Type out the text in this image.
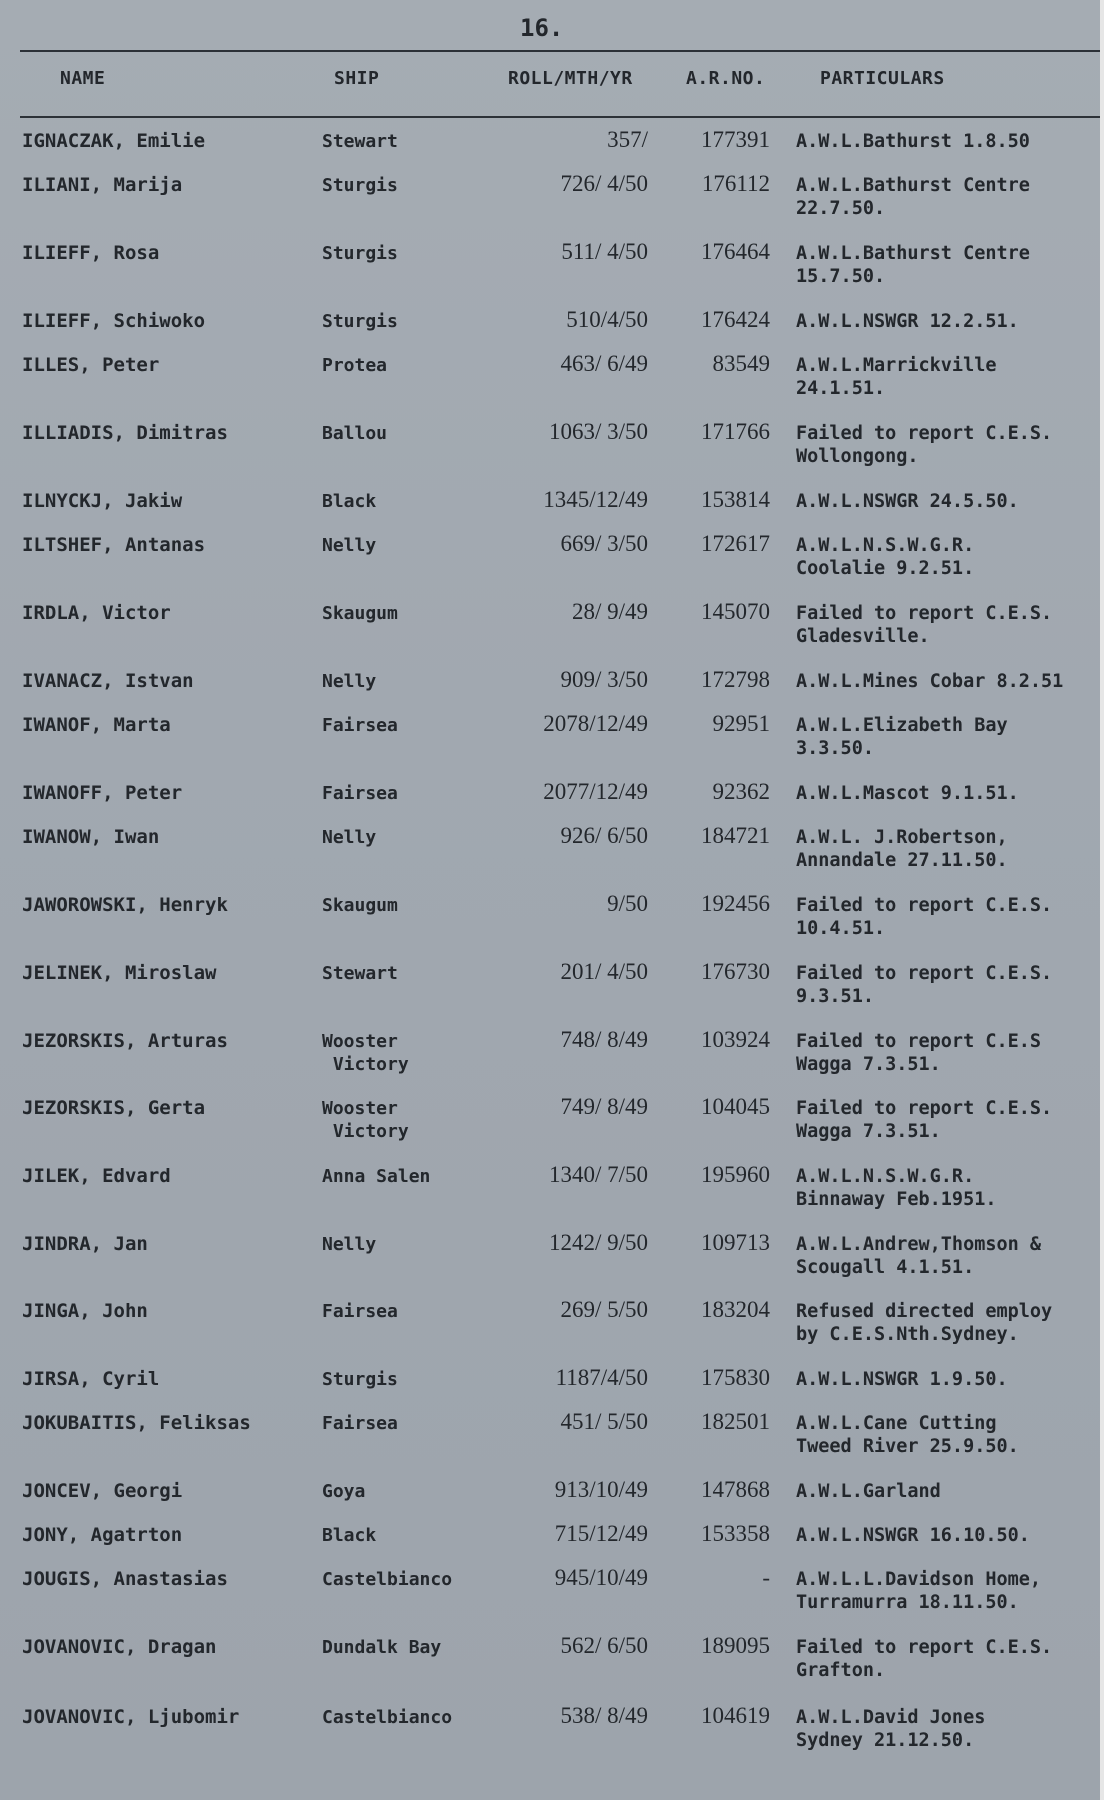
16.
NAME	SHIP	ROLL/MTH/YR	A.R.NO.	PARTICULARS
IGNACZAK, Emilie	Stewart	357/	177391 A.W.L.Bathurst 1.8.50
ILIANI, Marija	Sturgis	726/ 4/50	176112 A.W.L.Bathurst Centre
22.7.50.
ILIEFF, Rosa	Sturgis	511/ 4/50	176464 A.W.L.Bathurst Centre
15.7.50.
ILIEFF, Schiwoko	Sturgis	510/4/50	176424 A.W.L.NSWGR 12.2.51.
ILLES, Peter	Protea	463/ 6/49	83549 A.W.L.Marrickville
24.1.51.
ILLIADIS, Dimitras	Ballou	1063/ 3/50	171766 Failed to report C.E.S.
Wollongong.
ILNYCKJ, Jakiw	Black	1345/12/49	153814 A.W.L.NSWGR 24.5.50.
ILTSHEF, Antanas	Nelly	669/ 3/50	172617 A.W.L.N.S.W.G.R.
Coolalie 9.2.51.
IRDLA, Victor	Skaugum	28/ 9/49	145070 Failed to report C.E.S.
Gladesville.
IVANACZ, Istvan	Nelly	909/ 3/50	172798 A.W.L.Mines Cobar 8.2.51
IWANOF, Marta	Fairsea	2078/12/49	92951 A.W.L.Elizabeth Bay
3.3.50.
IWANOFF, Peter	Fairsea	2077/12/49	92362 A.W.L.Mascot 9.1.51.
IWANOW, Iwan	Nelly	926/ 6/50	184721 A.W.L. J.Robertson,
Annandale 27.11.50.
JAWOROWSKI, Henryk	Skaugum	9/50	192456 Failed to report C.E.S.
10.4.51.
JELINEK, Miroslaw	Stewart	201/ 4/50	176730 Failed to report C.E.S.
9.3.51.
JEZORSKIS, Arturas	Wooster
Victory
748/ 8/49	103924 Failed to report C.E.S
Wagga 7.3.51.
JEZORSKIS, Gerta	Wooster
Victory
749/ 8/49	104045 Failed to report C.E.S.
Wagga 7.3.51.
JILEK, Edvard	Anna Salen	1340/ 7/50	195960 A.W.L.N.S.W.G.R.
Binnaway Feb.1951.
JINDRA, Jan	Nelly	1242/ 9/50	109713 A.W.L.Andrew,Thomson &
Scougall 4.1.51.
JINGA, John	Fairsea	269/ 5/50	183204 Refused directed employ
by C.E.S.Nth.Sydney.
JIRSA, Cyril	Sturgis	1187/4/50	175830 A.W.L.NSWGR 1.9.50.
JOKUBAITIS, Feliksas	Fairsea	451/ 5/50	182501 A.W.L.Cane Cutting
Tweed River 25.9.50.
JONCEV, Georgi	Goya	913/10/49	147868 A.W.L.Garland
JONY, Agatrton	Black	715/12/49	153358 A.W.L.NSWGR 16.10.50.
JOUGIS, Anastasias	Castelbianco	945/10/49	- A.W.L.L.Davidson Home,
Turramurra 18.11.50.
JOVANOVIC, Dragan	Dundalk Bay	562/ 6/50	189095 Failed to report C.E.S.
Grafton.
JOVANOVIC, Ljubomir	Castelbianco	538/ 8/49	104619 A.W.L.David Jones
Sydney 21.12.50.
